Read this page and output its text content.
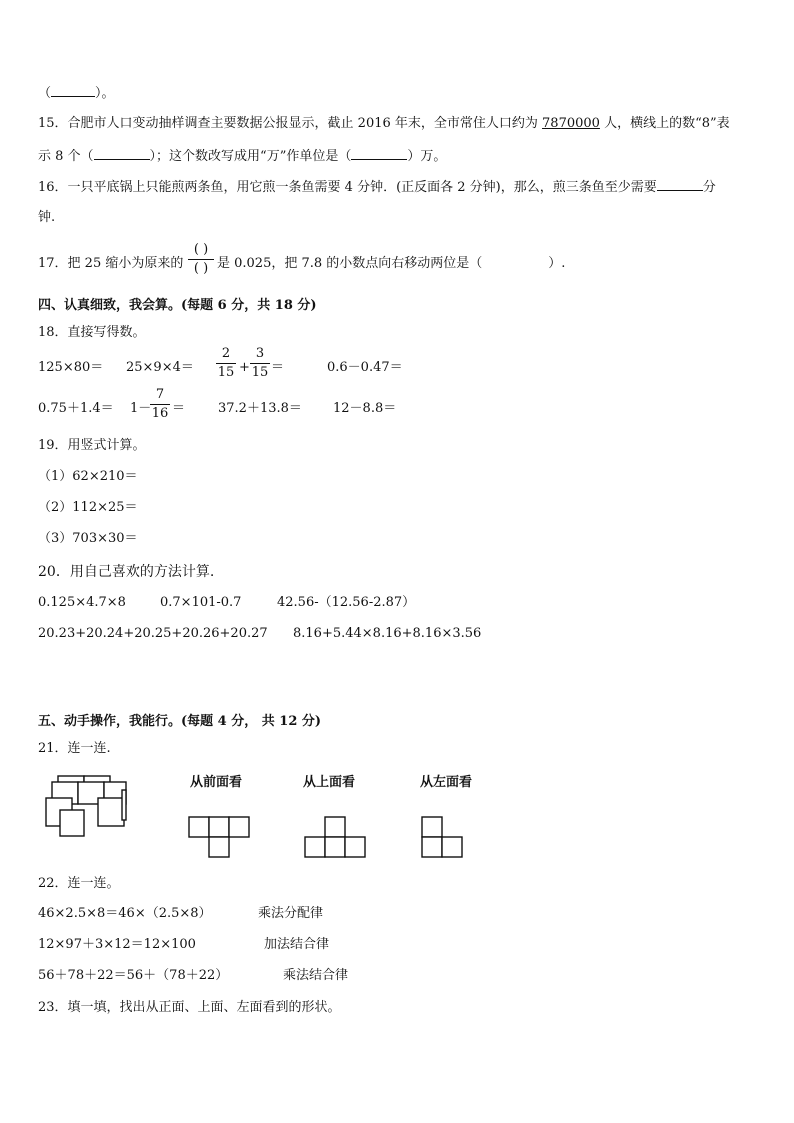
（	）。
15．合肥市人口变动抽样调查主要数据公报显示，截止 2016 年末，全市常住人口约为 7870000 人，横线上的数“8”表
示 8 个（	）；这个数改写成用“万”作单位是（	）万。
16．一只平底锅上只能煎两条鱼，用它煎一条鱼需要 4 分钟．(正反面各 2 分钟)，那么，煎三条鱼至少需要	分
钟.
17．把 25 缩小为原来的
( )
( ) 是 0.025，把 7.8 的小数点向右移动两位是（	）.
四、认真细致，我会算。(每题 6 分，共 18 分)
18．直接写得数。
125×80＝ 25×9×4＝
2
15 +
3
15 ＝	0.6－0.47＝
0.75＋1.4＝ 1－
7
16 ＝	37.2＋13.8＝ 12－8.8＝
19．用竖式计算。
（1）62×210＝
（2）112×25＝
（3）703×30＝
20．用自己喜欢的方法计算.
0.125×4.7×8	0.7×101-0.7	42.56-（12.56-2.87）
20.23+20.24+20.25+20.26+20.27 8.16+5.44×8.16+8.16×3.56
五、动手操作，我能行。(每题 4 分， 共 12 分)
21．连一连.
从前面看	从上面看	从左面看
22．连一连。
46×2.5×8＝46×（2.5×8）
12×97＋3×12＝12×100
56＋78＋22＝56＋（78＋22）
乘法分配律
加法结合律
乘法结合律
23．填一填，找出从正面、上面、左面看到的形状。
